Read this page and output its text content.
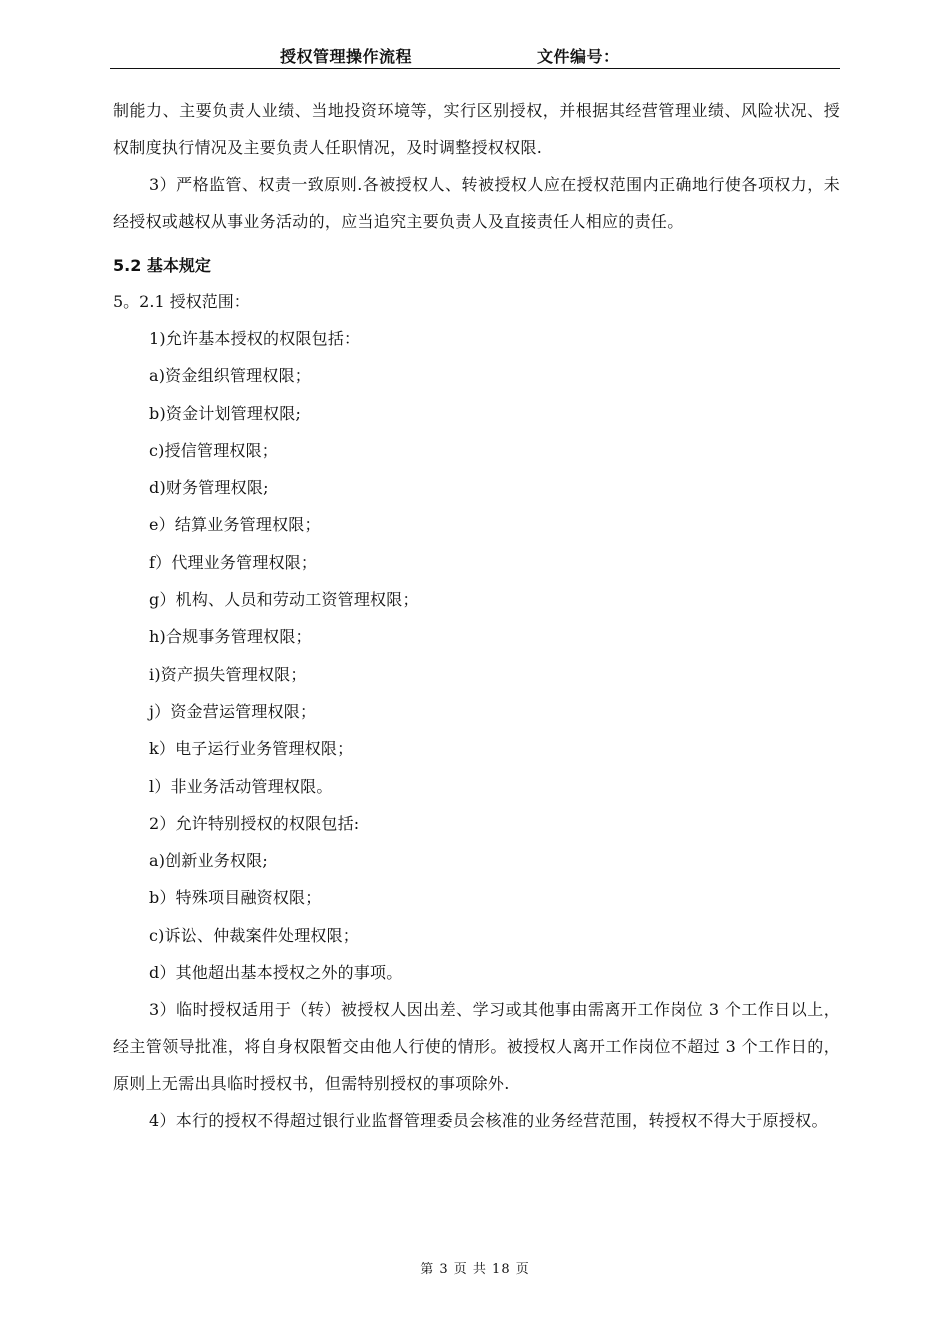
授权管理操作流程	文件编号：

制能力、主要负责人业绩、当地投资环境等，实行区别授权，并根据其经营管理业绩、风险状况、授权制度执行情况及主要负责人任职情况，及时调整授权权限.

3）严格监管、权责一致原则.各被授权人、转被授权人应在授权范围内正确地行使各项权力，未经授权或越权从事业务活动的，应当追究主要负责人及直接责任人相应的责任。

5.2 基本规定

5。2.1 授权范围：

1)允许基本授权的权限包括：

a)资金组织管理权限；

b)资金计划管理权限;

c)授信管理权限；

d)财务管理权限;

e）结算业务管理权限；

f）代理业务管理权限；

g）机构、人员和劳动工资管理权限；

h)合规事务管理权限；

i)资产损失管理权限；

j）资金营运管理权限；

k）电子运行业务管理权限；

l）非业务活动管理权限。

2）允许特别授权的权限包括:

a)创新业务权限;

b）特殊项目融资权限；

c)诉讼、仲裁案件处理权限；

d）其他超出基本授权之外的事项。

3）临时授权适用于（转）被授权人因出差、学习或其他事由需离开工作岗位 3 个工作日以上，经主管领导批准，将自身权限暂交由他人行使的情形。被授权人离开工作岗位不超过 3 个工作日的，原则上无需出具临时授权书，但需特别授权的事项除外.

4）本行的授权不得超过银行业监督管理委员会核准的业务经营范围，转授权不得大于原授权。

第 3 页 共 18 页
